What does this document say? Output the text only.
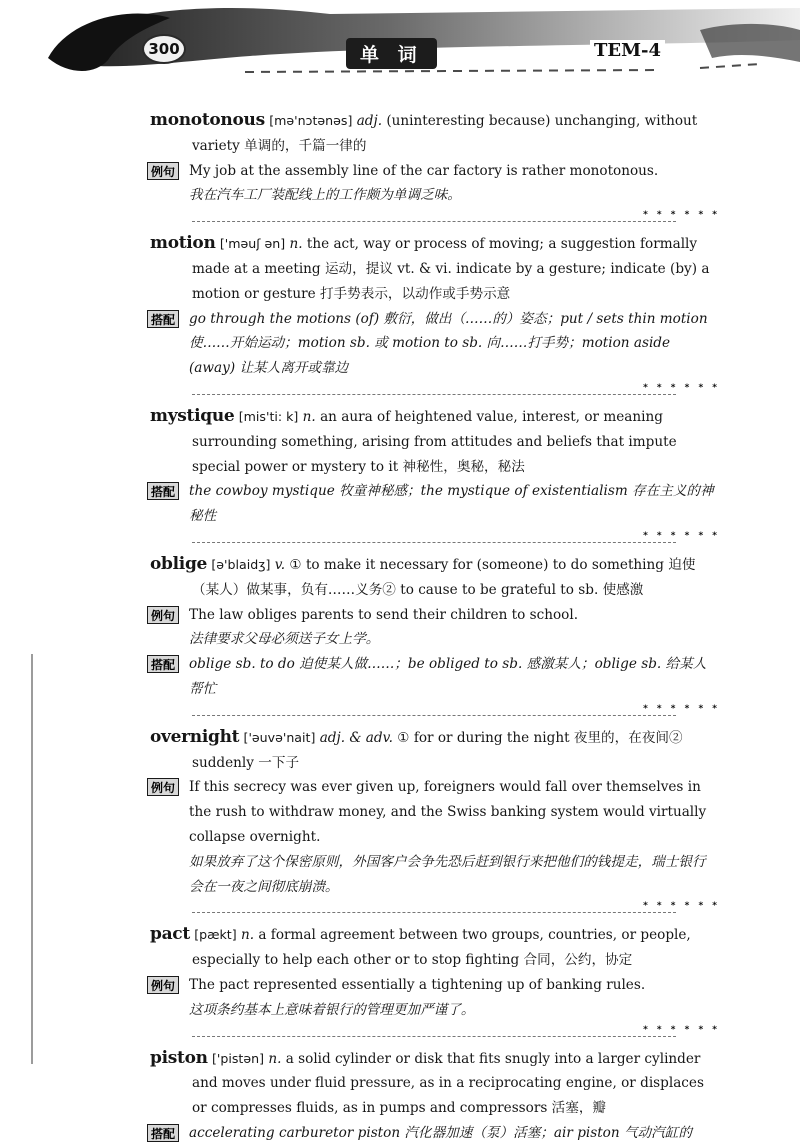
300	单 词	TEM-4

monotonous [mə'nɔtənəs] adj. (uninteresting because) unchanging, without variety 单调的，千篇一律的

例句 My job at the assembly line of the car factory is rather monotonous.
我在汽车工厂装配线上的工作颇为单调乏味。
* * * * * *

motion ['məuʃ ən] n. the act, way or process of moving; a suggestion formally made at a meeting 运动，提议 vt. & vi. indicate by a gesture; indicate (by) a motion or gesture 打手势表示，以动作或手势示意

搭配 go through the motions (of) 敷衍，做出（……的）姿态；put / sets thin motion 使……开始运动；motion sb. 或 motion to sb. 向……打手势；motion aside (away) 让某人离开或靠边
* * * * * *

mystique [mis'ti: k] n. an aura of heightened value, interest, or meaning surrounding something, arising from attitudes and beliefs that impute special power or mystery to it 神秘性，奥秘，秘法

搭配 the cowboy mystique 牧童神秘感；the mystique of existentialism 存在主义的神秘性
* * * * * *

oblige [ə'blaidʒ] v. ① to make it necessary for (someone) to do something 迫使（某人）做某事，负有……义务② to cause to be grateful to sb. 使感激

例句 The law obliges parents to send their children to school.
法律要求父母必须送子女上学。
搭配 oblige sb. to do 迫使某人做……；be obliged to sb. 感激某人；oblige sb. 给某人帮忙
* * * * * *

overnight ['əuvə'nait] adj. & adv. ① for or during the night 夜里的，在夜间② suddenly 一下子

例句 If this secrecy was ever given up, foreigners would fall over themselves in the rush to withdraw money, and the Swiss banking system would virtually collapse overnight.
如果放弃了这个保密原则，外国客户会争先恐后赶到银行来把他们的钱提走，瑞士银行会在一夜之间彻底崩溃。
* * * * * *

pact [pækt] n. a formal agreement between two groups, countries, or people, especially to help each other or to stop fighting 合同，公约，协定

例句 The pact represented essentially a tightening up of banking rules.
这项条约基本上意味着银行的管理更加严谨了。
* * * * * *

piston ['pistən] n. a solid cylinder or disk that fits snugly into a larger cylinder and moves under fluid pressure, as in a reciprocating engine, or displaces or compresses fluids, as in pumps and compressors 活塞，瓣

搭配 accelerating carburetor piston 汽化器加速（泵）活塞；air piston 气动汽缸的
